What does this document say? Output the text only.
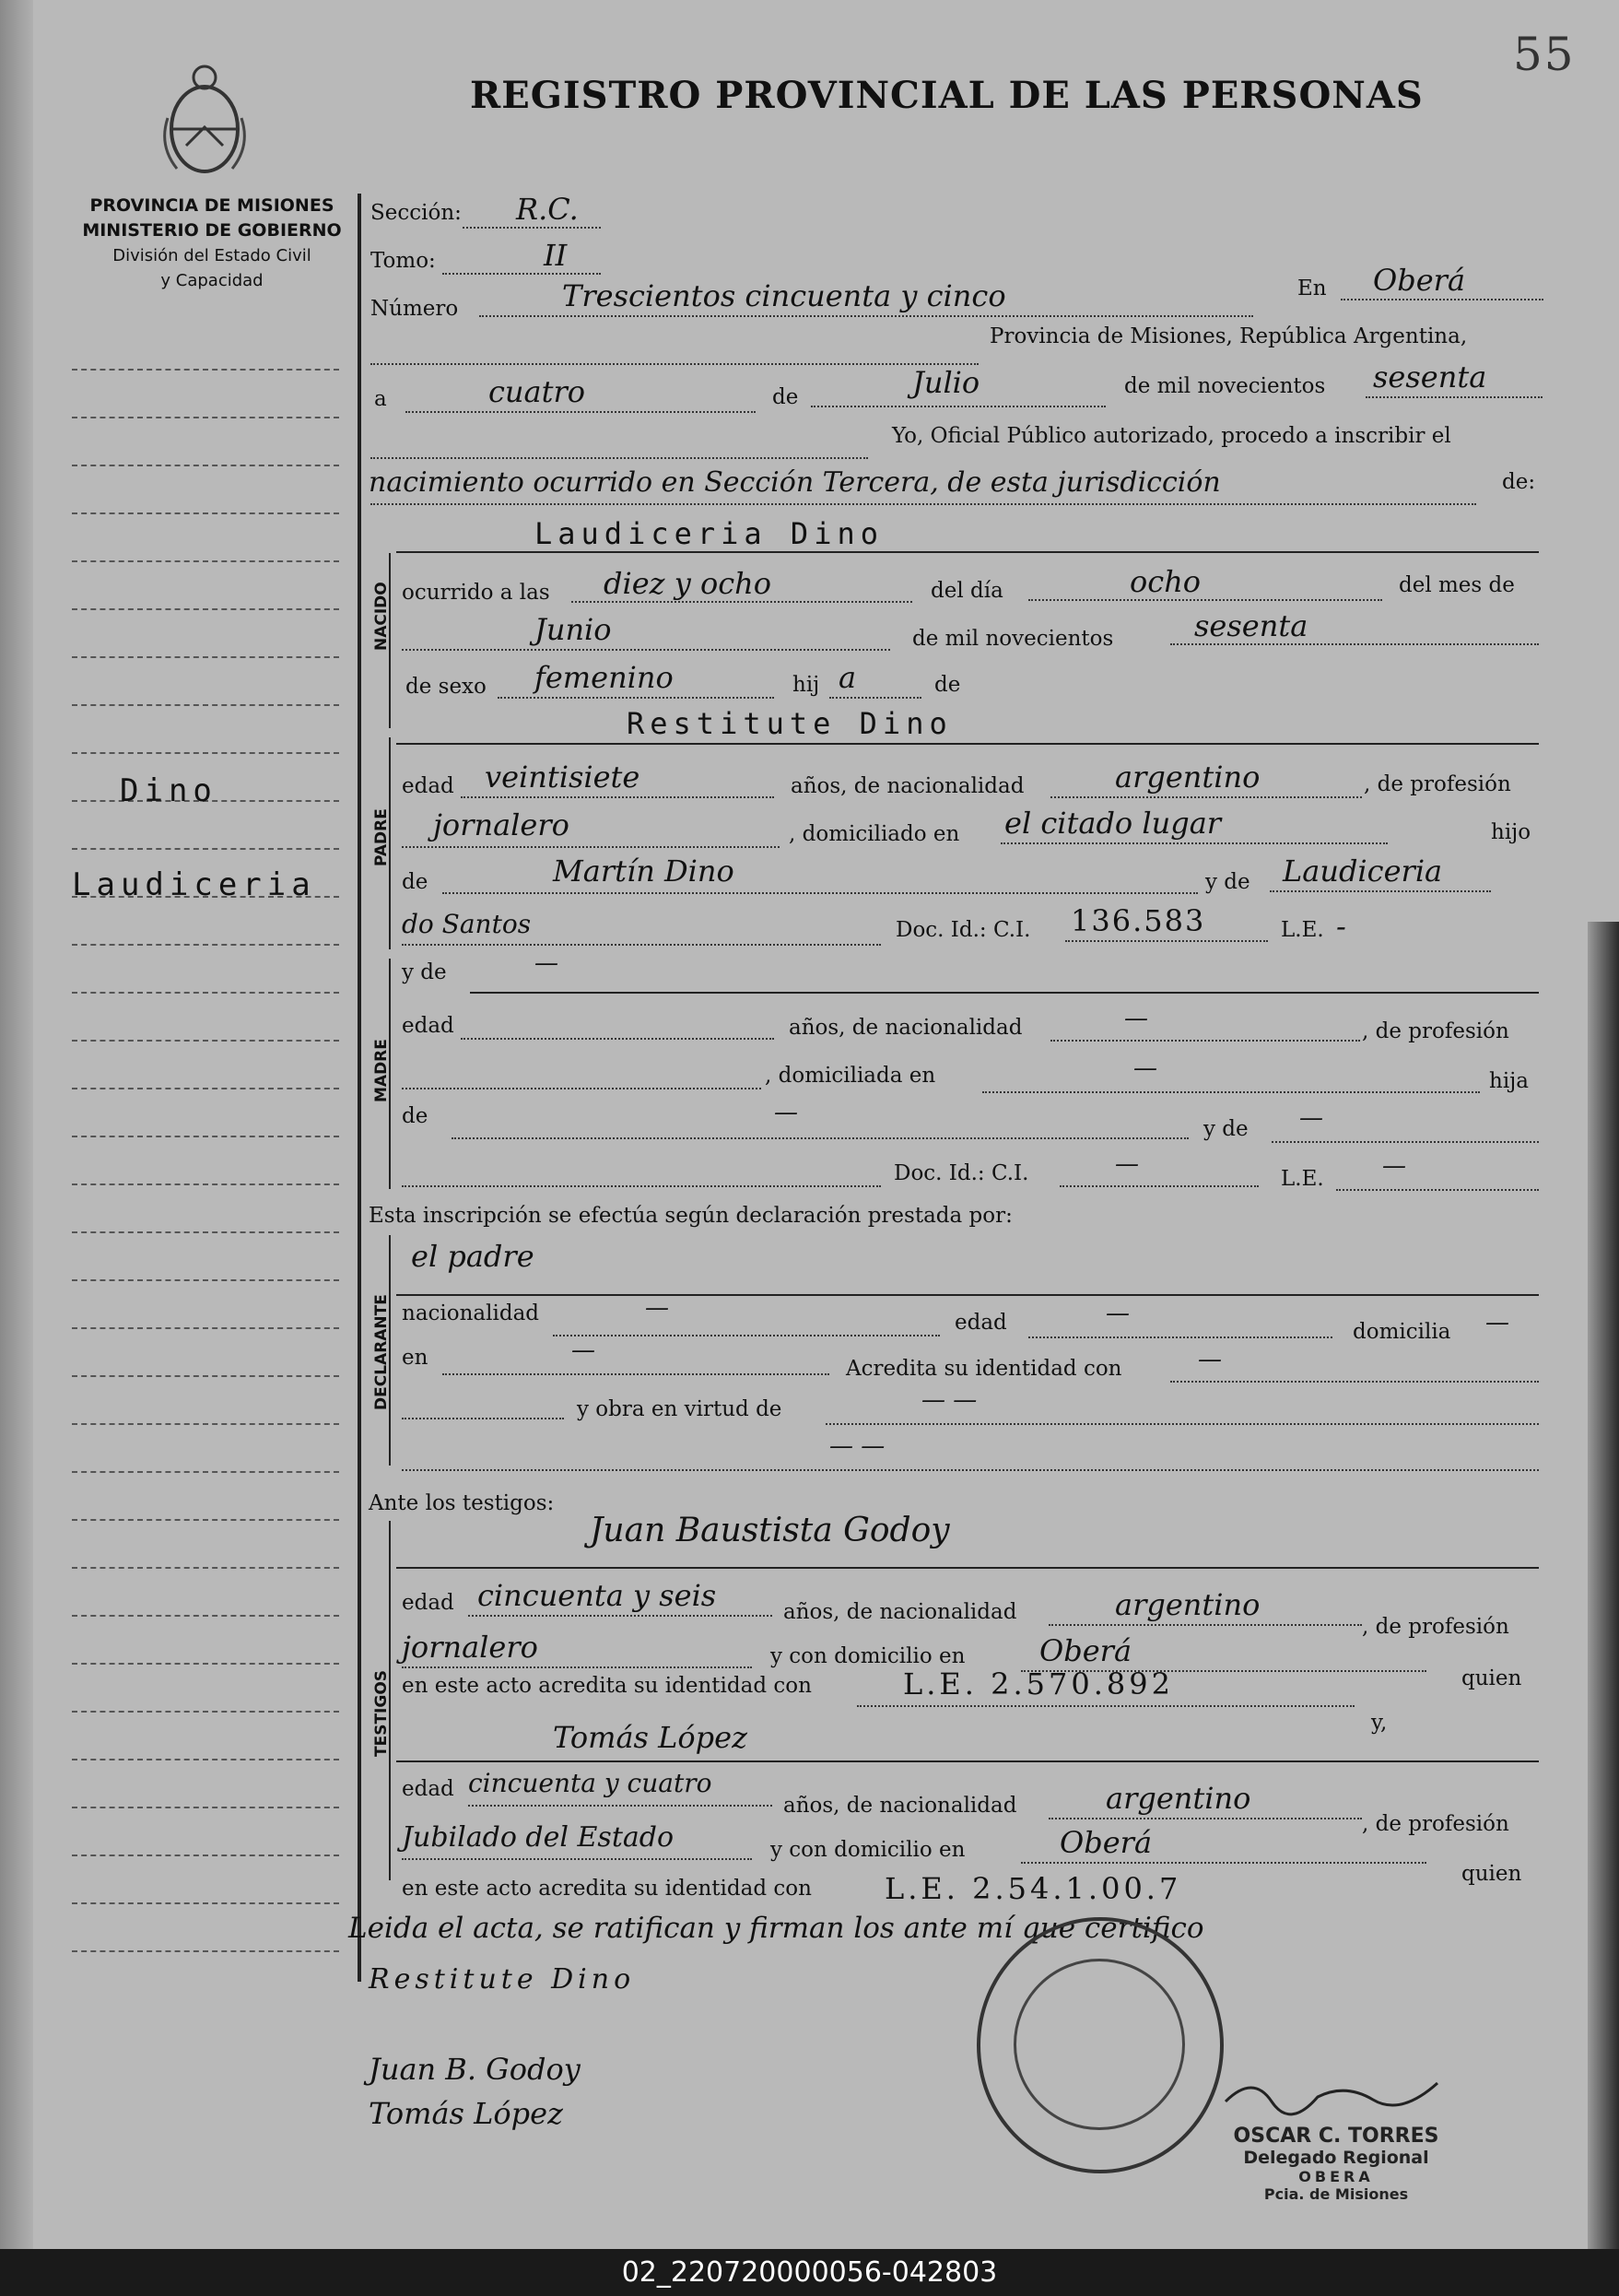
55
REGISTRO PROVINCIAL DE LAS PERSONAS
PROVINCIA DE MISIONES
MINISTERIO DE GOBIERNO
División del Estado Civil
y Capacidad
Dino
Laudiceria
Sección: R.C.
Tomo:	II
Número	Trescientos cincuenta y cinco	En Oberá
Provincia de Misiones, República Argentina,
a	cuatro	de	Julio	de mil novecientos sesenta
Yo, Oficial Público autorizado, procedo a inscribir el
nacimiento ocurrido en Sección Tercera, de esta jurisdicción	de:
NACIDO
Laudiceria Dino
ocurrido a las diez y ocho	del día	ocho	del mes de
Junio	de mil novecientos	sesenta
de sexo femenino	hij a	de
PADRE
Restitute Dino
edad veintisiete	años, de nacionalidad	argentino	, de profesión
jornalero	, domiciliado en el citado lugar	hijo
de	Martín Dino	y de Laudiceria
do Santos	Doc. Id.: C.I. 136.583	L.E. -
MADRE
y de	—
edad	años, de nacionalidad	—	, de profesión
, domiciliada en	—	hija
de	—
y de —
Doc. Id.: C.I.	—
L.E. —
Esta inscripción se efectúa según declaración prestada por:
DECLARANTE
el padre
nacionalidad	—
edad	—
domicilia —
en	—
Acredita su identidad con	—
y obra en virtud de	— —
— —
Ante los testigos:
TESTIGOS
Juan Baustista Godoy
edad cincuenta y seis	años, de nacionalidad	argentino
, de profesión
jornalero	y con domicilio en	Oberá
quien
en este acto acredita su identidad con	L.E. 2.570.892
y,
Tomás López
edad cincuenta y cuatro
años, de nacionalidad	argentino
, de profesión
Jubilado del Estado	y con domicilio en	Oberá
quien
en este acto acredita su identidad con L.E. 2.54.1.00.7
Leida el acta, se ratifican y firman los ante mí que certifico
Restitute Dino
Juan B. Godoy
Tomás López
OSCAR C. TORRES
Delegado Regional
OBERA
Pcia. de Misiones
02_220720000056-042803
